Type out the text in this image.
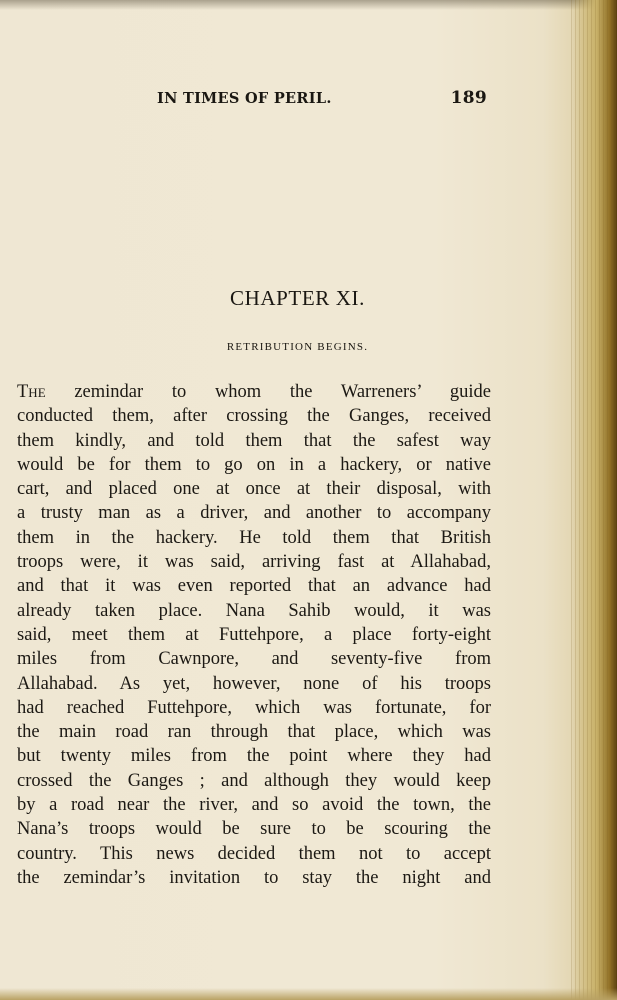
IN TIMES OF PERIL.	189
CHAPTER XI.
RETRIBUTION BEGINS.
The zemindar to whom the Warreners’ guide
conducted them, after crossing the Ganges, received
them kindly, and told them that the safest way
would be for them to go on in a hackery, or native
cart, and placed one at once at their disposal, with
a trusty man as a driver, and another to accompany
them in the hackery. He told them that British
troops were, it was said, arriving fast at Allahabad,
and that it was even reported that an advance had
already taken place. Nana Sahib would, it was
said, meet them at Futtehpore, a place forty-eight
miles from Cawnpore, and seventy-five from
Allahabad. As yet, however, none of his troops
had reached Futtehpore, which was fortunate, for
the main road ran through that place, which was
but twenty miles from the point where they had
crossed the Ganges ; and although they would keep
by a road near the river, and so avoid the town, the
Nana’s troops would be sure to be scouring the
country. This news decided them not to accept
the zemindar’s invitation to stay the night and
